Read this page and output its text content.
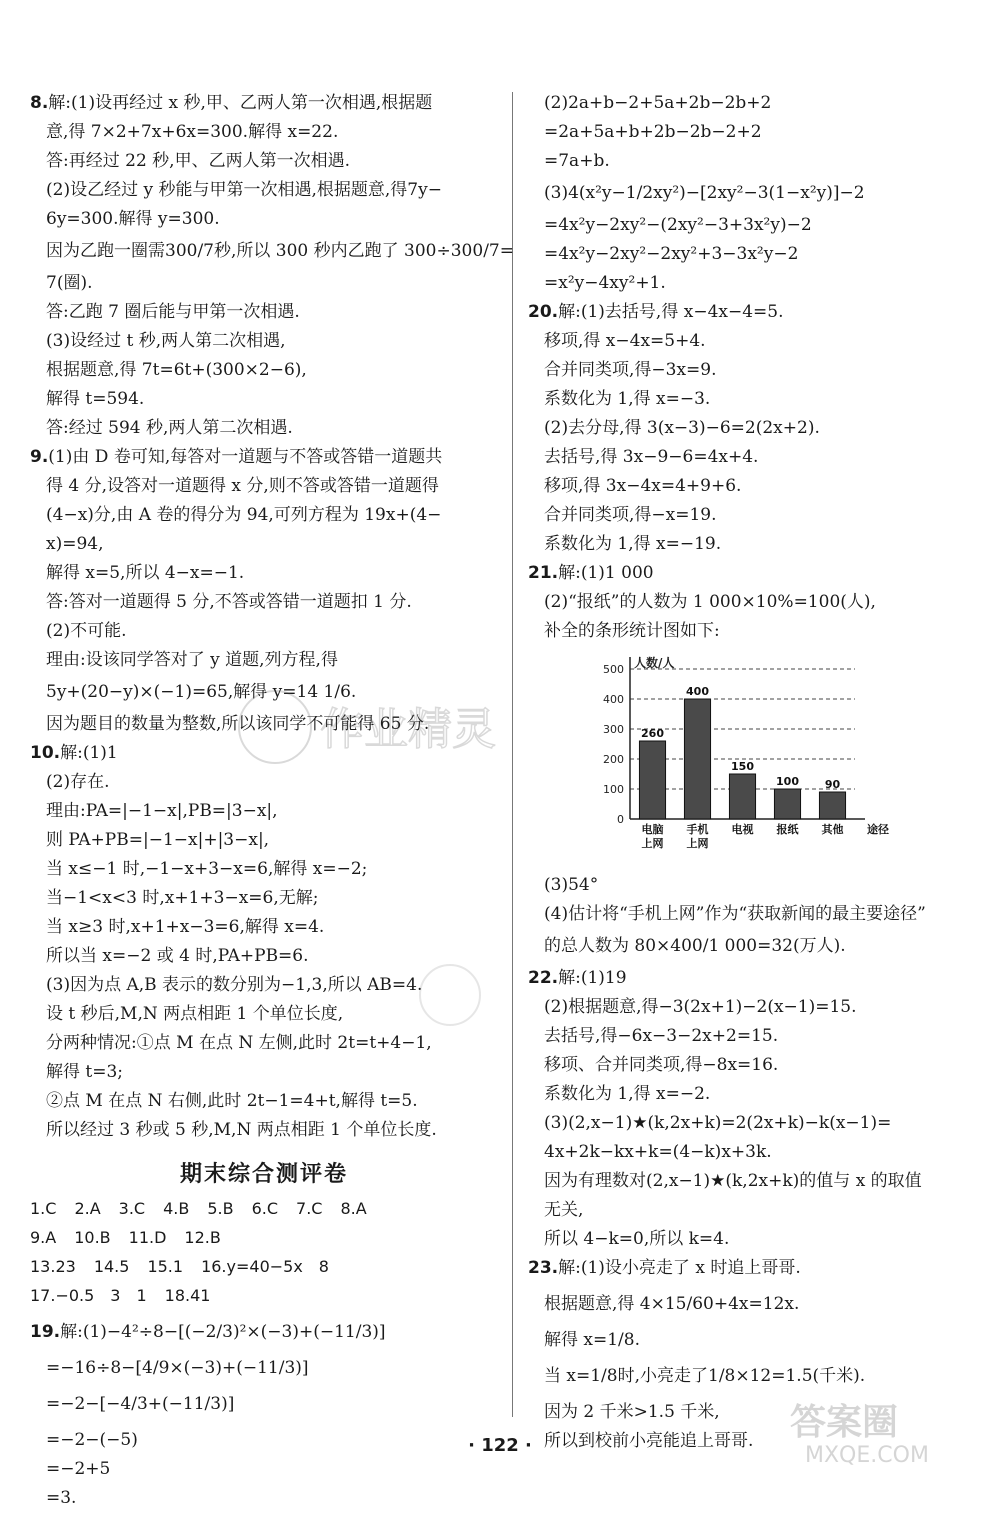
8.解:(1)设再经过 x 秒,甲、乙两人第一次相遇,根据题
意,得 7×2+7x+6x=300.解得 x=22.
答:再经过 22 秒,甲、乙两人第一次相遇.
(2)设乙经过 y 秒能与甲第一次相遇,根据题意,得7y−
6y=300.解得 y=300.
因为乙跑一圈需300/7秒,所以 300 秒内乙跑了 300÷300/7=
7(圈).
答:乙跑 7 圈后能与甲第一次相遇.
(3)设经过 t 秒,两人第二次相遇,
根据题意,得 7t=6t+(300×2−6),
解得 t=594.
答:经过 594 秒,两人第二次相遇.
9.(1)由 D 卷可知,每答对一道题与不答或答错一道题共
得 4 分,设答对一道题得 x 分,则不答或答错一道题得
(4−x)分,由 A 卷的得分为 94,可列方程为 19x+(4−
x)=94,
解得 x=5,所以 4−x=−1.
答:答对一道题得 5 分,不答或答错一道题扣 1 分.
(2)不可能.
理由:设该同学答对了 y 道题,列方程,得
5y+(20−y)×(−1)=65,解得 y=14 1/6.
因为题目的数量为整数,所以该同学不可能得 65 分.
10.解:(1)1
(2)存在.
理由:PA=|−1−x|,PB=|3−x|,
则 PA+PB=|−1−x|+|3−x|,
当 x≤−1 时,−1−x+3−x=6,解得 x=−2;
当−1<x<3 时,x+1+3−x=6,无解;
当 x≥3 时,x+1+x−3=6,解得 x=4.
所以当 x=−2 或 4 时,PA+PB=6.
(3)因为点 A,B 表示的数分别为−1,3,所以 AB=4.
设 t 秒后,M,N 两点相距 1 个单位长度,
分两种情况:①点 M 在点 N 左侧,此时 2t=t+4−1,
解得 t=3;
②点 M 在点 N 右侧,此时 2t−1=4+t,解得 t=5.
所以经过 3 秒或 5 秒,M,N 两点相距 1 个单位长度.
期末综合测评卷
1.C 2.A 3.C 4.B 5.B 6.C 7.C 8.A
9.A 10.B 11.D 12.B
13.23 14.5 15.1 16.y=40−5x　8
17.−0.5　3　1 18.41
19.解:(1)−4²÷8−[(−2/3)²×(−3)+(−11/3)]
=−16÷8−[4/9×(−3)+(−11/3)]
=−2−[−4/3+(−11/3)]
=−2−(−5)
=−2+5
=3.
(2)2a+b−2+5a+2b−2b+2
=2a+5a+b+2b−2b−2+2
=7a+b.
(3)4(x²y−1/2xy²)−[2xy²−3(1−x²y)]−2
=4x²y−2xy²−(2xy²−3+3x²y)−2
=4x²y−2xy²−2xy²+3−3x²y−2
=x²y−4xy²+1.
20.解:(1)去括号,得 x−4x−4=5.
移项,得 x−4x=5+4.
合并同类项,得−3x=9.
系数化为 1,得 x=−3.
(2)去分母,得 3(x−3)−6=2(2x+2).
去括号,得 3x−9−6=4x+4.
移项,得 3x−4x=4+9+6.
合并同类项,得−x=19.
系数化为 1,得 x=−19.
21.解:(1)1 000
(2)“报纸”的人数为 1 000×10%=100(人),
补全的条形统计图如下:
0
100
200
300
400
500 人数/人
260
电脑
上网
400
手机
上网
150
电视
100
报纸
90
其他 途径
(3)54°
(4)估计将“手机上网”作为“获取新闻的最主要途径”
的总人数为 80×400/1 000=32(万人).
22.解:(1)19
(2)根据题意,得−3(2x+1)−2(x−1)=15.
去括号,得−6x−3−2x+2=15.
移项、合并同类项,得−8x=16.
系数化为 1,得 x=−2.
(3)(2,x−1)★(k,2x+k)=2(2x+k)−k(x−1)=
4x+2k−kx+k=(4−k)x+3k.
因为有理数对(2,x−1)★(k,2x+k)的值与 x 的取值
无关,
所以 4−k=0,所以 k=4.
23.解:(1)设小亮走了 x 时追上哥哥.
根据题意,得 4×15/60+4x=12x.
解得 x=1/8.
当 x=1/8时,小亮走了1/8×12=1.5(千米).
因为 2 千米>1.5 千米,
所以到校前小亮能追上哥哥.
作业精灵
答案圈
MXQE.COM
· 122 ·
